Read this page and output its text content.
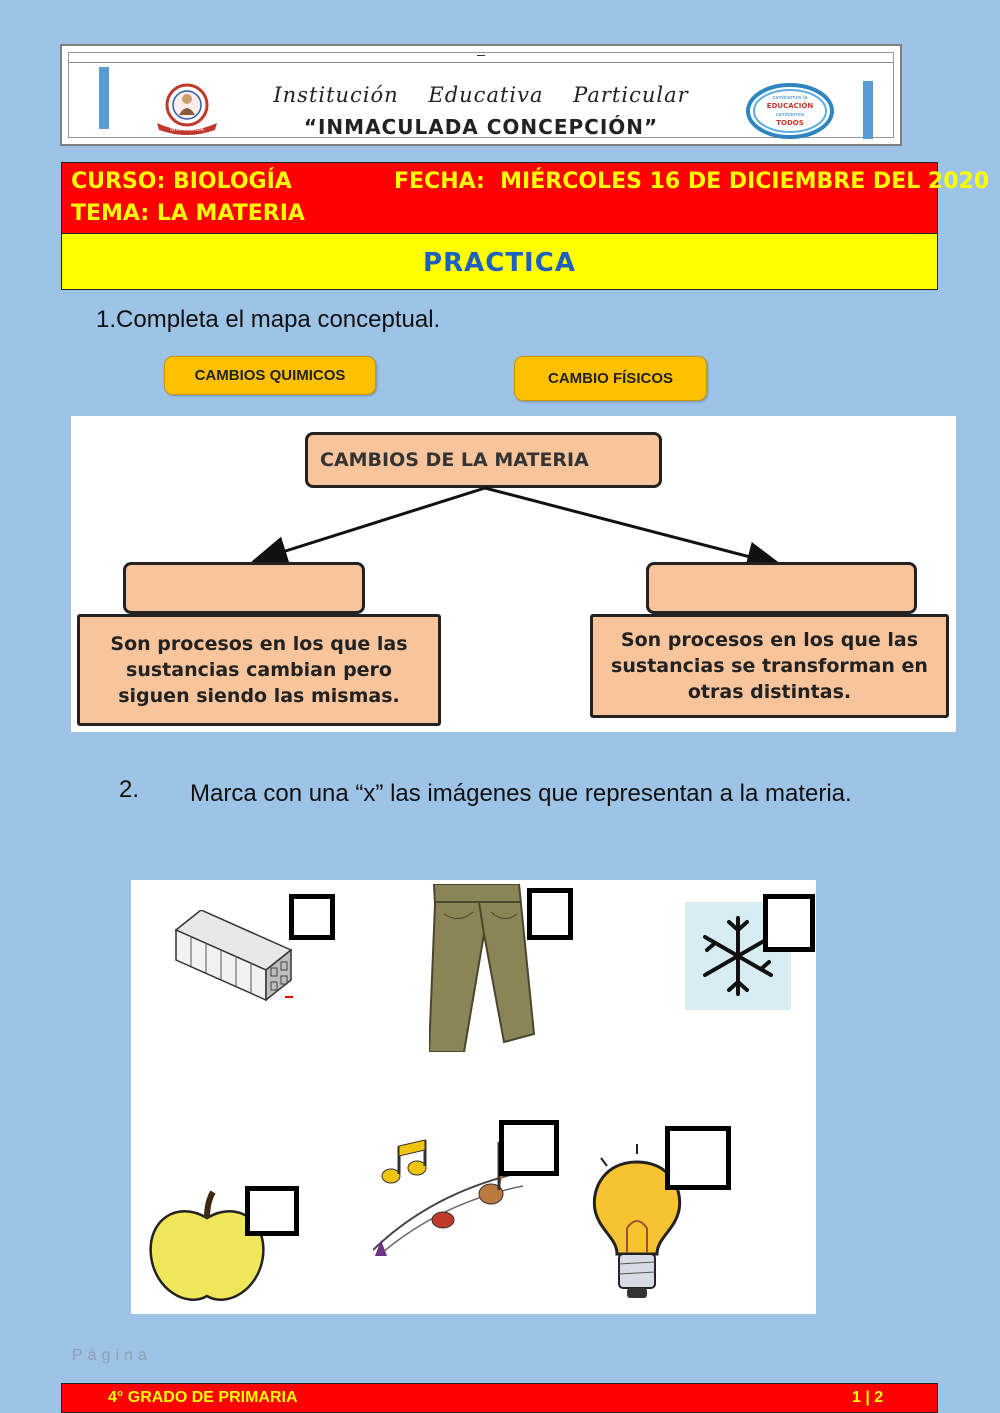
INMACULADA
Institución Educativa Particular
“INMACULADA CONCEPCIÓN”
cambiemos la
EDUCACIÓN
cambiemos
TODOS
CURSO: BIOLOGÍA	FECHA:  MIÉRCOLES 16 DE DICIEMBRE DEL 2020
TEMA: LA MATERIA
PRACTICA
1.Completa el mapa conceptual.
CAMBIOS QUIMICOS	CAMBIO FÍSICOS
CAMBIOS DE LA MATERIA
Son procesos en los que las sustancias cambian pero siguen siendo las mismas.
Son procesos en los que las sustancias se transforman en otras distintas.
2.	Marca con una “x” las imágenes que representan a la materia.
Página
4° GRADO DE PRIMARIA	1 | 2
